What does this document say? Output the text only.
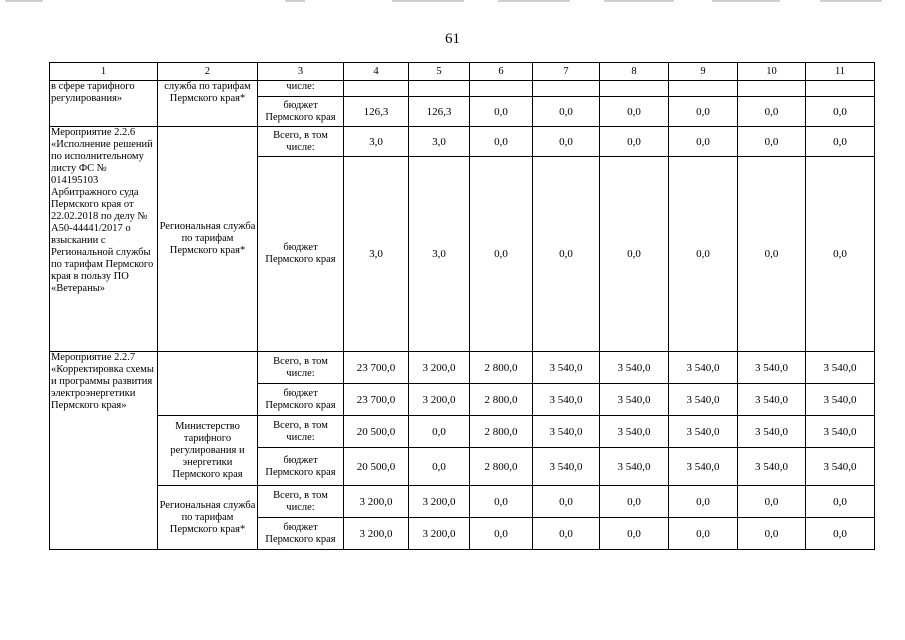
61
1	2	3	4	5	6	7	8	9	10	11
в сфере тарифного регулирования»	служба по тарифам Пермского края*	числе:								
		бюджет Пермского края	126,3	126,3	0,0	0,0	0,0	0,0	0,0	0,0
Мероприятие 2.2.6 «Исполнение решений по исполнительному листу ФС № 014195103 Арбитражного суда Пермского края от 22.02.2018 по делу № А50-44441/2017 о взыскании с Региональной службы по тарифам Пермского края в пользу ПО «Ветераны»	Региональная служба по тарифам Пермского края*	Всего, в том числе:	3,0	3,0	0,0	0,0	0,0	0,0	0,0	0,0
		бюджет Пермского края	3,0	3,0	0,0	0,0	0,0	0,0	0,0	0,0
Мероприятие 2.2.7 «Корректировка схемы и программы развития электроэнергетики Пермского края»		Всего, в том числе:	23 700,0	3 200,0	2 800,0	3 540,0	3 540,0	3 540,0	3 540,0	3 540,0
		бюджет Пермского края	23 700,0	3 200,0	2 800,0	3 540,0	3 540,0	3 540,0	3 540,0	3 540,0
	Министерство тарифного регулирования и энергетики Пермского края	Всего, в том числе:	20 500,0	0,0	2 800,0	3 540,0	3 540,0	3 540,0	3 540,0	3 540,0
		бюджет Пермского края	20 500,0	0,0	2 800,0	3 540,0	3 540,0	3 540,0	3 540,0	3 540,0
	Региональная служба по тарифам Пермского края*	Всего, в том числе:	3 200,0	3 200,0	0,0	0,0	0,0	0,0	0,0	0,0
		бюджет Пермского края	3 200,0	3 200,0	0,0	0,0	0,0	0,0	0,0	0,0
